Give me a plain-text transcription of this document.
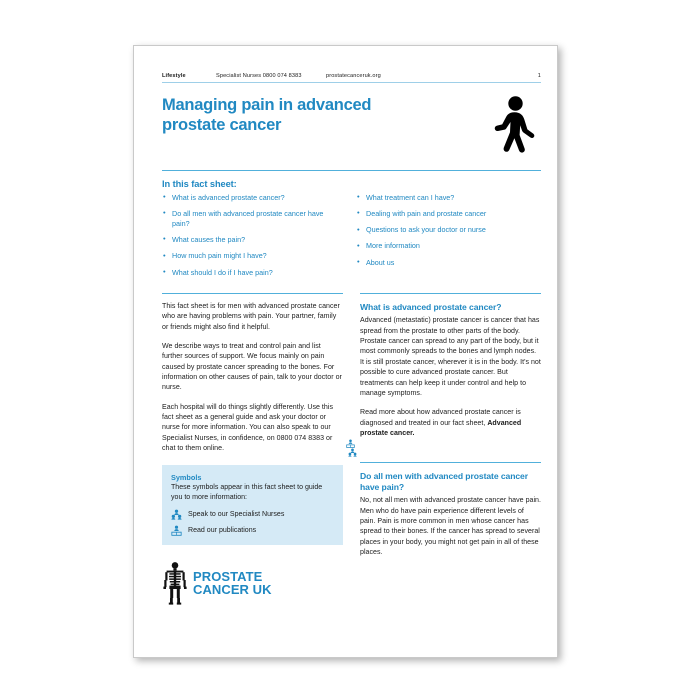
Lifestyle	Specialist Nurses 0800 074 8383	prostatecanceruk.org	1
Managing pain in advanced prostate cancer
In this fact sheet:
• What is advanced prostate cancer?
• Do all men with advanced prostate cancer have pain?
• What causes the pain?
• How much pain might I have?
• What should I do if I have pain?
• What treatment can I have?
• Dealing with pain and prostate cancer
• Questions to ask your doctor or nurse
• More information
• About us

This fact sheet is for men with advanced prostate cancer who are having problems with pain. Your partner, family or friends might also find it helpful.

We describe ways to treat and control pain and list further sources of support. We focus mainly on pain caused by prostate cancer spreading to the bones. For information on other causes of pain, talk to your doctor or nurse.

Each hospital will do things slightly differently. Use this fact sheet as a general guide and ask your doctor or nurse for more information. You can also speak to our Specialist Nurses, in confidence, on 0800 074 8383 or chat to them online.

Symbols

These symbols appear in this fact sheet to guide you to more information:

Speak to our Specialist Nurses
Read our publications
PROSTATE
CANCER UK
What is advanced prostate cancer?

Advanced (metastatic) prostate cancer is cancer that has spread from the prostate to other parts of the body. Prostate cancer can spread to any part of the body, but it most commonly spreads to the bones and lymph nodes. It is still prostate cancer, wherever it is in the body. It's not possible to cure advanced prostate cancer. But treatments can help keep it under control and help to manage symptoms.

Read more about how advanced prostate cancer is diagnosed and treated in our fact sheet, Advanced prostate cancer.

Do all men with advanced prostate cancer have pain?

No, not all men with advanced prostate cancer have pain. Men who do have pain experience different levels of pain. Pain is more common in men whose cancer has spread to their bones. If the cancer has spread to several places in your body, you might not get pain in all of these places.
